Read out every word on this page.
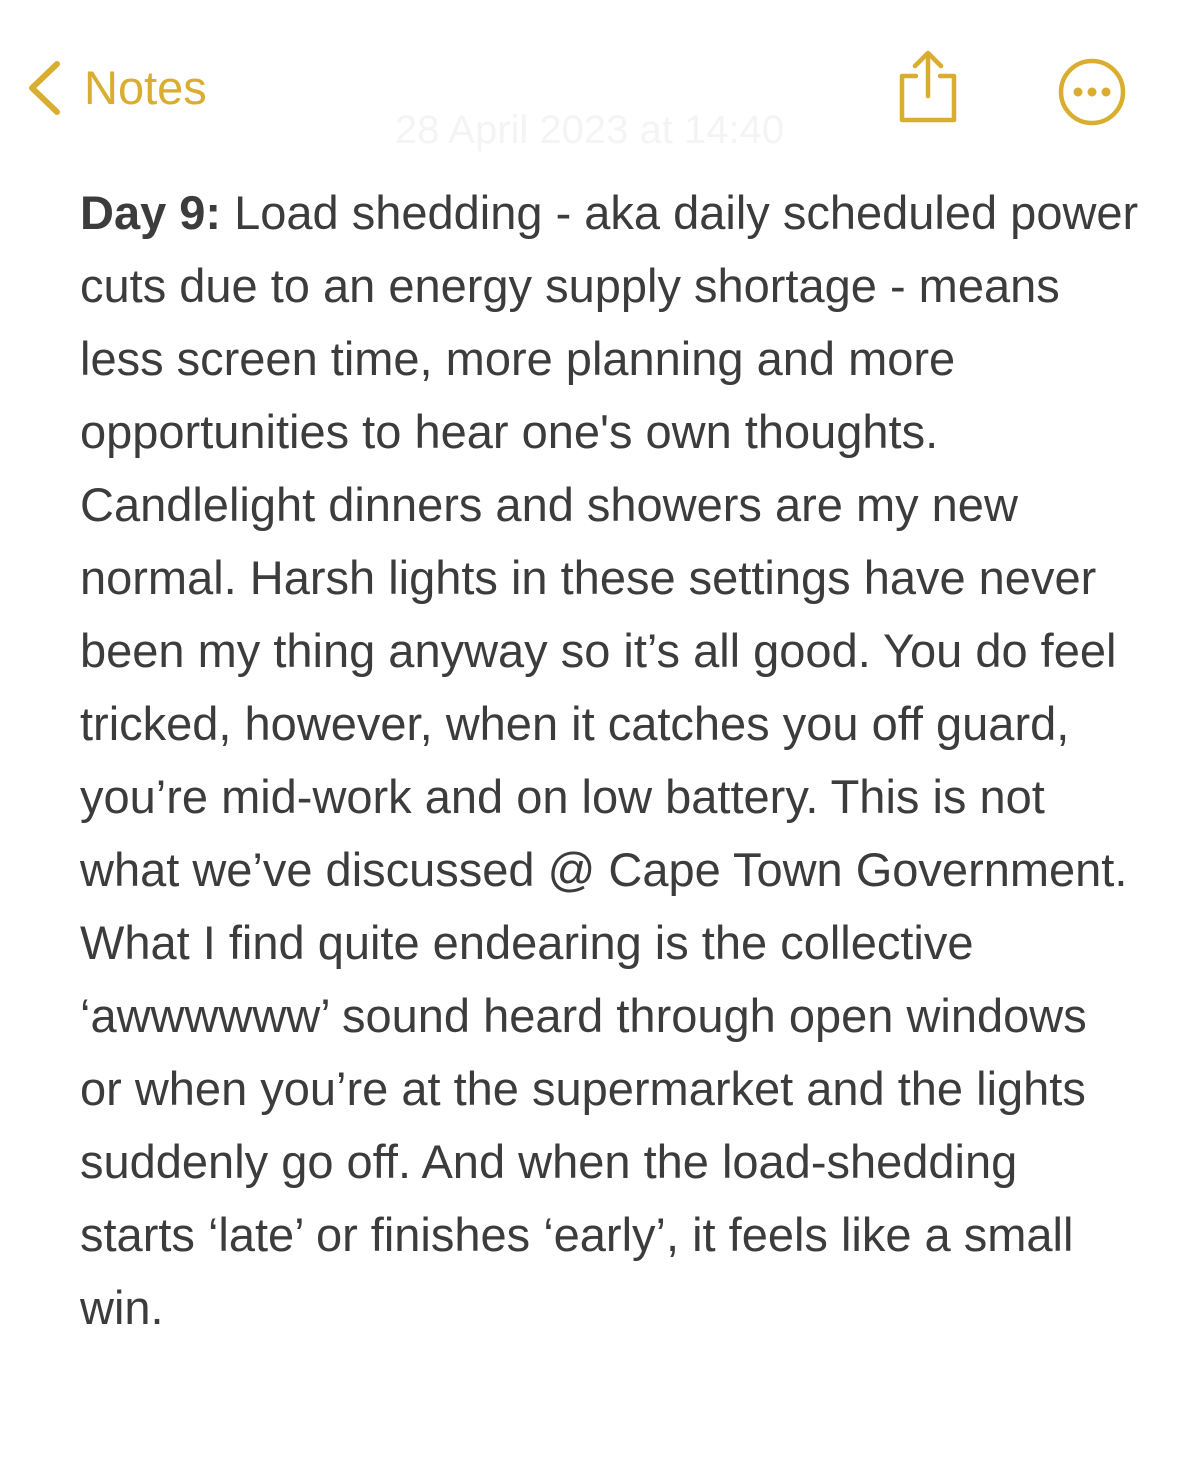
Notes
28 April 2023 at 14:40

Day 9: Load shedding - aka daily scheduled power cuts due to an energy supply shortage - means less screen time, more planning and more opportunities to hear one's own thoughts. Candlelight dinners and showers are my new normal. Harsh lights in these settings have never been my thing anyway so it’s all good. You do feel tricked, however, when it catches you off guard, you’re mid-work and on low battery. This is not what we’ve discussed @ Cape Town Government. What I find quite endearing is the collective ‘awwwwww’ sound heard through open windows or when you’re at the supermarket and the lights suddenly go off. And when the load-shedding starts ‘late’ or finishes ‘early’, it feels like a small win.
